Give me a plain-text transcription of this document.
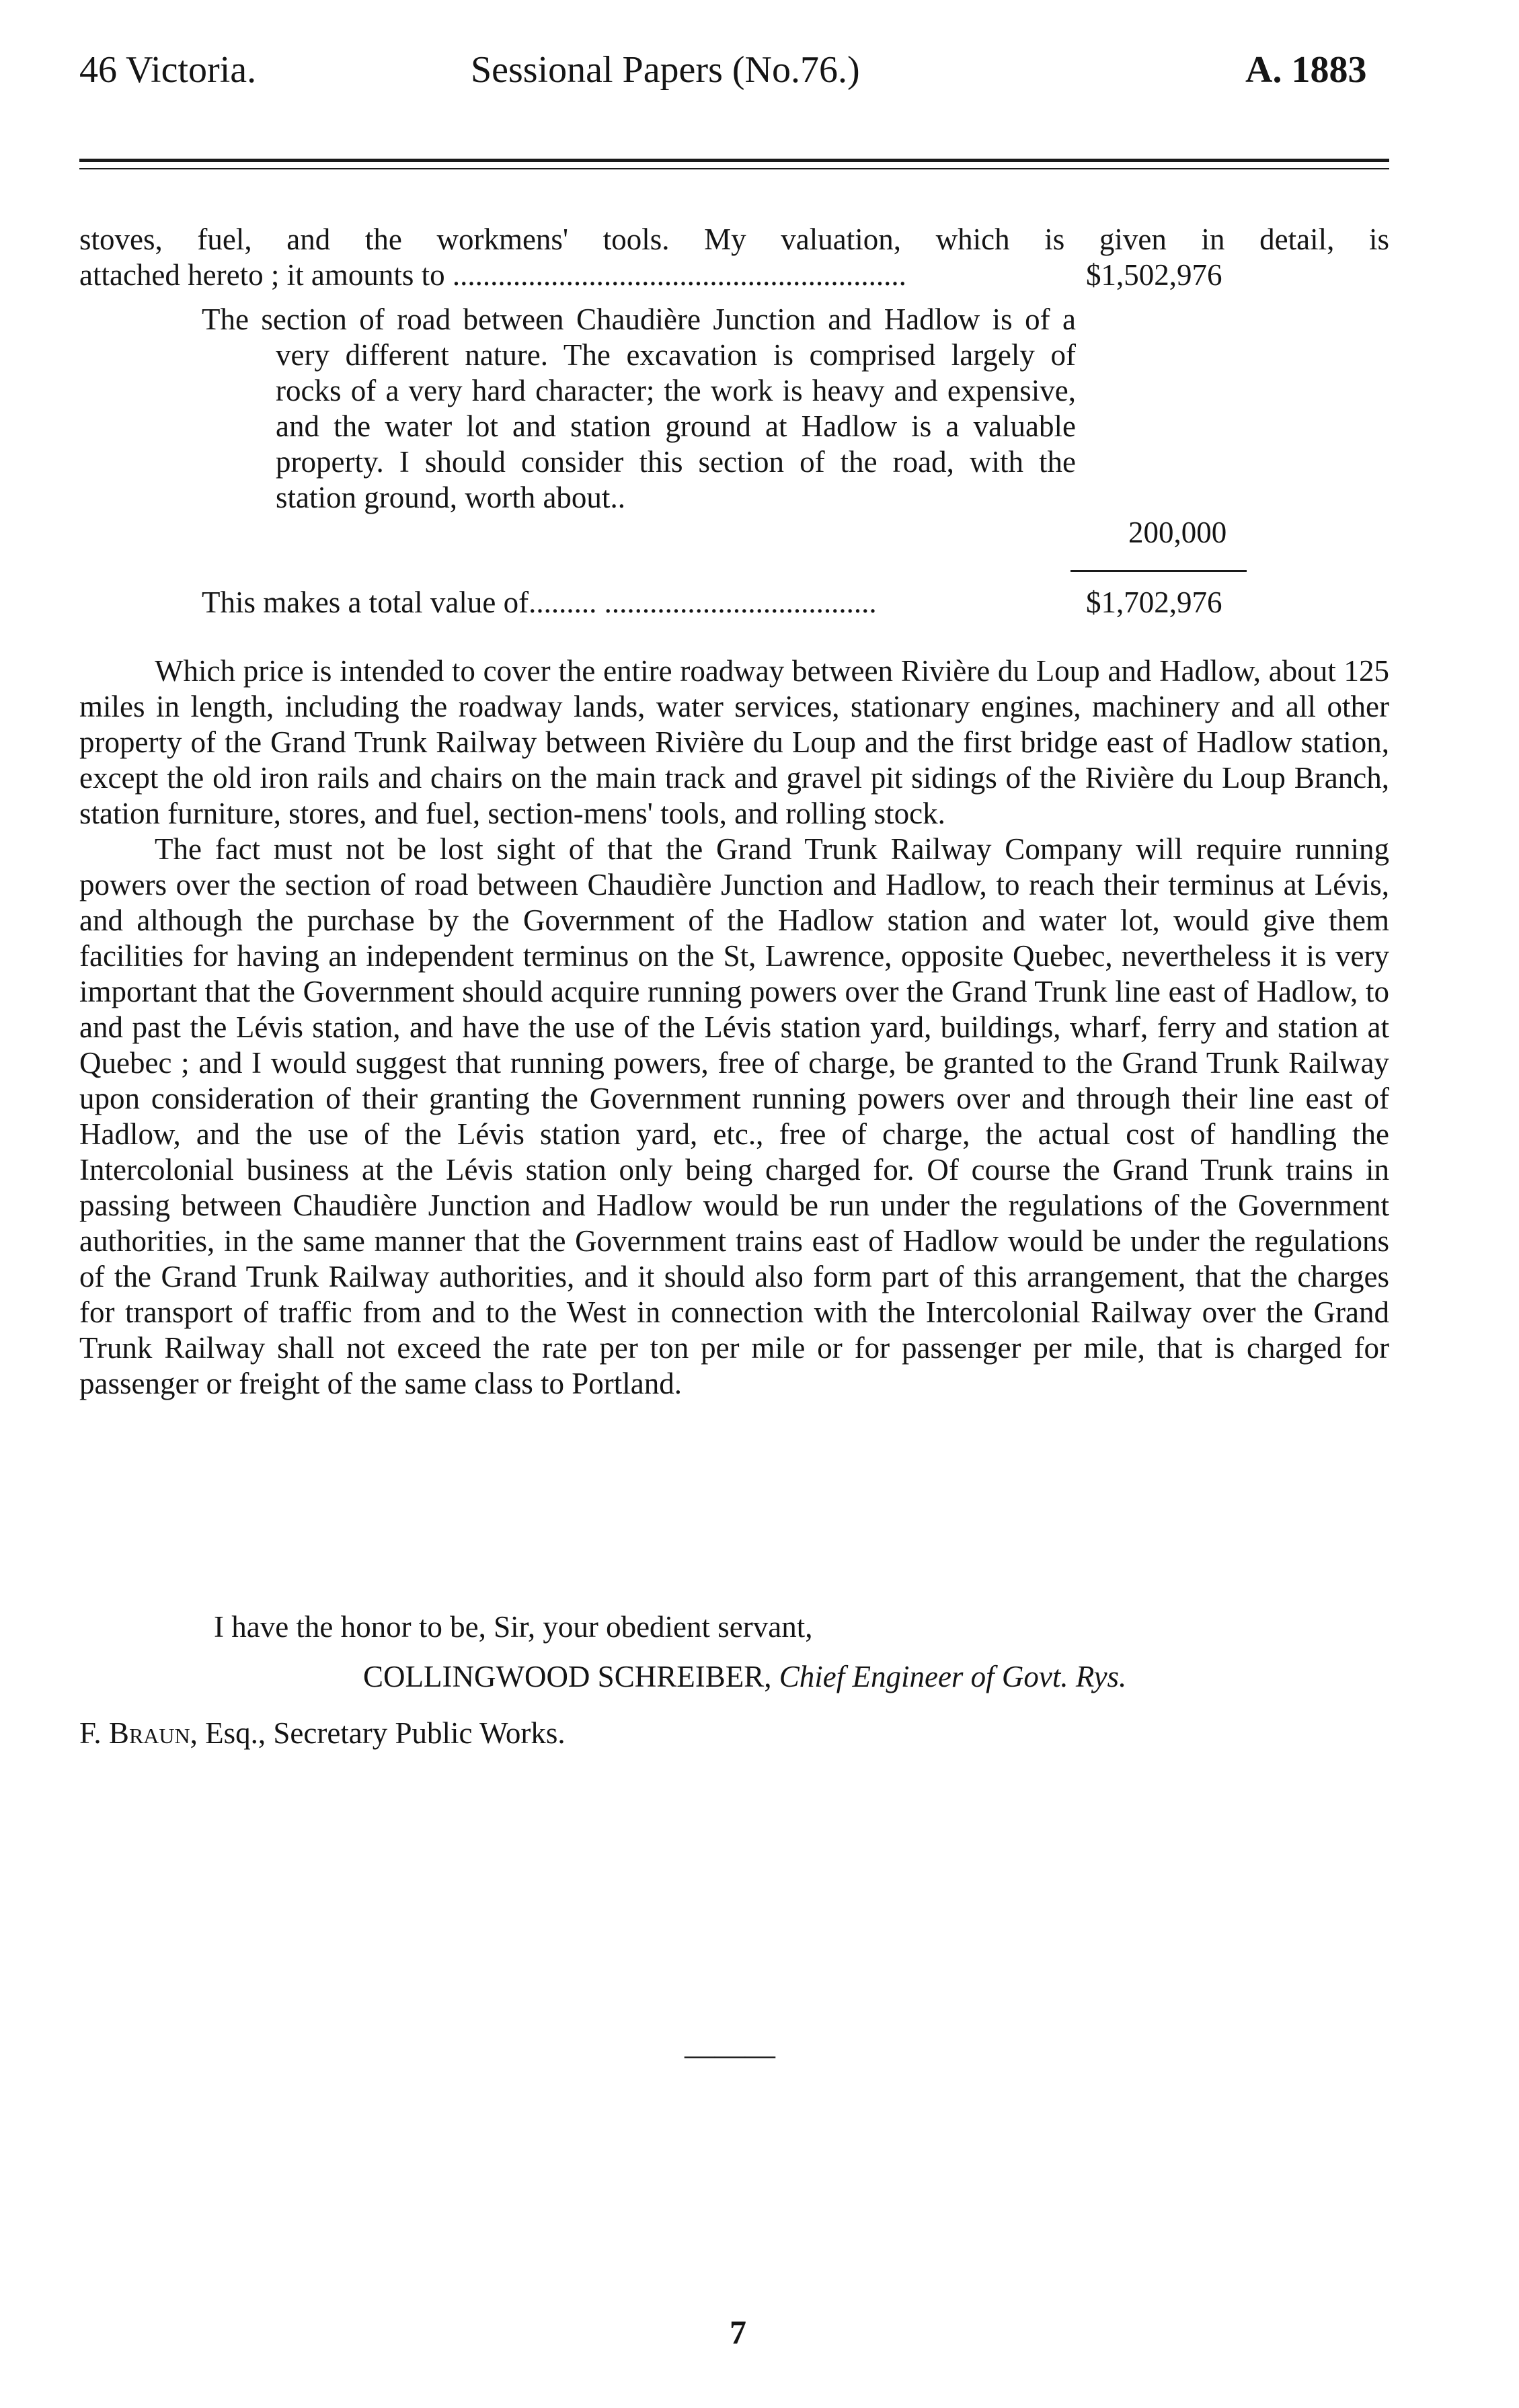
46 Victoria.	Sessional Papers (No.76.)	A. 1883
stoves, fuel, and the workmens' tools. My valuation, which is given in detail, is
attached hereto ; it amounts to ............................................................	$1,502,976
The section of road between Chaudière Junction and Hadlow is of a very different nature. The excavation is comprised largely of rocks of a very hard character; the work is heavy and expensive, and the water lot and station ground at Hadlow is a valuable property. I should consider this section of the road, with the station ground, worth about..
200,000
This makes a total value of......... ....................................	$1,702,976

Which price is intended to cover the entire roadway between Rivière du Loup and Hadlow, about 125 miles in length, including the roadway lands, water services, stationary engines, machinery and all other property of the Grand Trunk Railway between Rivière du Loup and the first bridge east of Hadlow station, except the old iron rails and chairs on the main track and gravel pit sidings of the Rivière du Loup Branch, station furniture, stores, and fuel, section-mens' tools, and rolling stock.

The fact must not be lost sight of that the Grand Trunk Railway Company will require running powers over the section of road between Chaudière Junction and Hadlow, to reach their terminus at Lévis, and although the purchase by the Government of the Hadlow station and water lot, would give them facilities for having an independent terminus on the St, Lawrence, opposite Quebec, nevertheless it is very important that the Government should acquire running powers over the Grand Trunk line east of Hadlow, to and past the Lévis station, and have the use of the Lévis station yard, buildings, wharf, ferry and station at Quebec ; and I would suggest that running powers, free of charge, be granted to the Grand Trunk Railway upon consideration of their granting the Government running powers over and through their line east of Hadlow, and the use of the Lévis station yard, etc., free of charge, the actual cost of handling the Intercolonial business at the Lévis station only being charged for. Of course the Grand Trunk trains in passing between Chaudière Junction and Hadlow would be run under the regulations of the Government authorities, in the same manner that the Government trains east of Hadlow would be under the regulations of the Grand Trunk Railway authorities, and it should also form part of this arrangement, that the charges for transport of traffic from and to the West in connection with the Intercolonial Railway over the Grand Trunk Railway shall not exceed the rate per ton per mile or for passenger per mile, that is charged for passenger or freight of the same class to Portland.

I have the honor to be, Sir, your obedient servant,
COLLINGWOOD SCHREIBER, Chief Engineer of Govt. Rys.
F. Braun, Esq., Secretary Public Works.
———
7
